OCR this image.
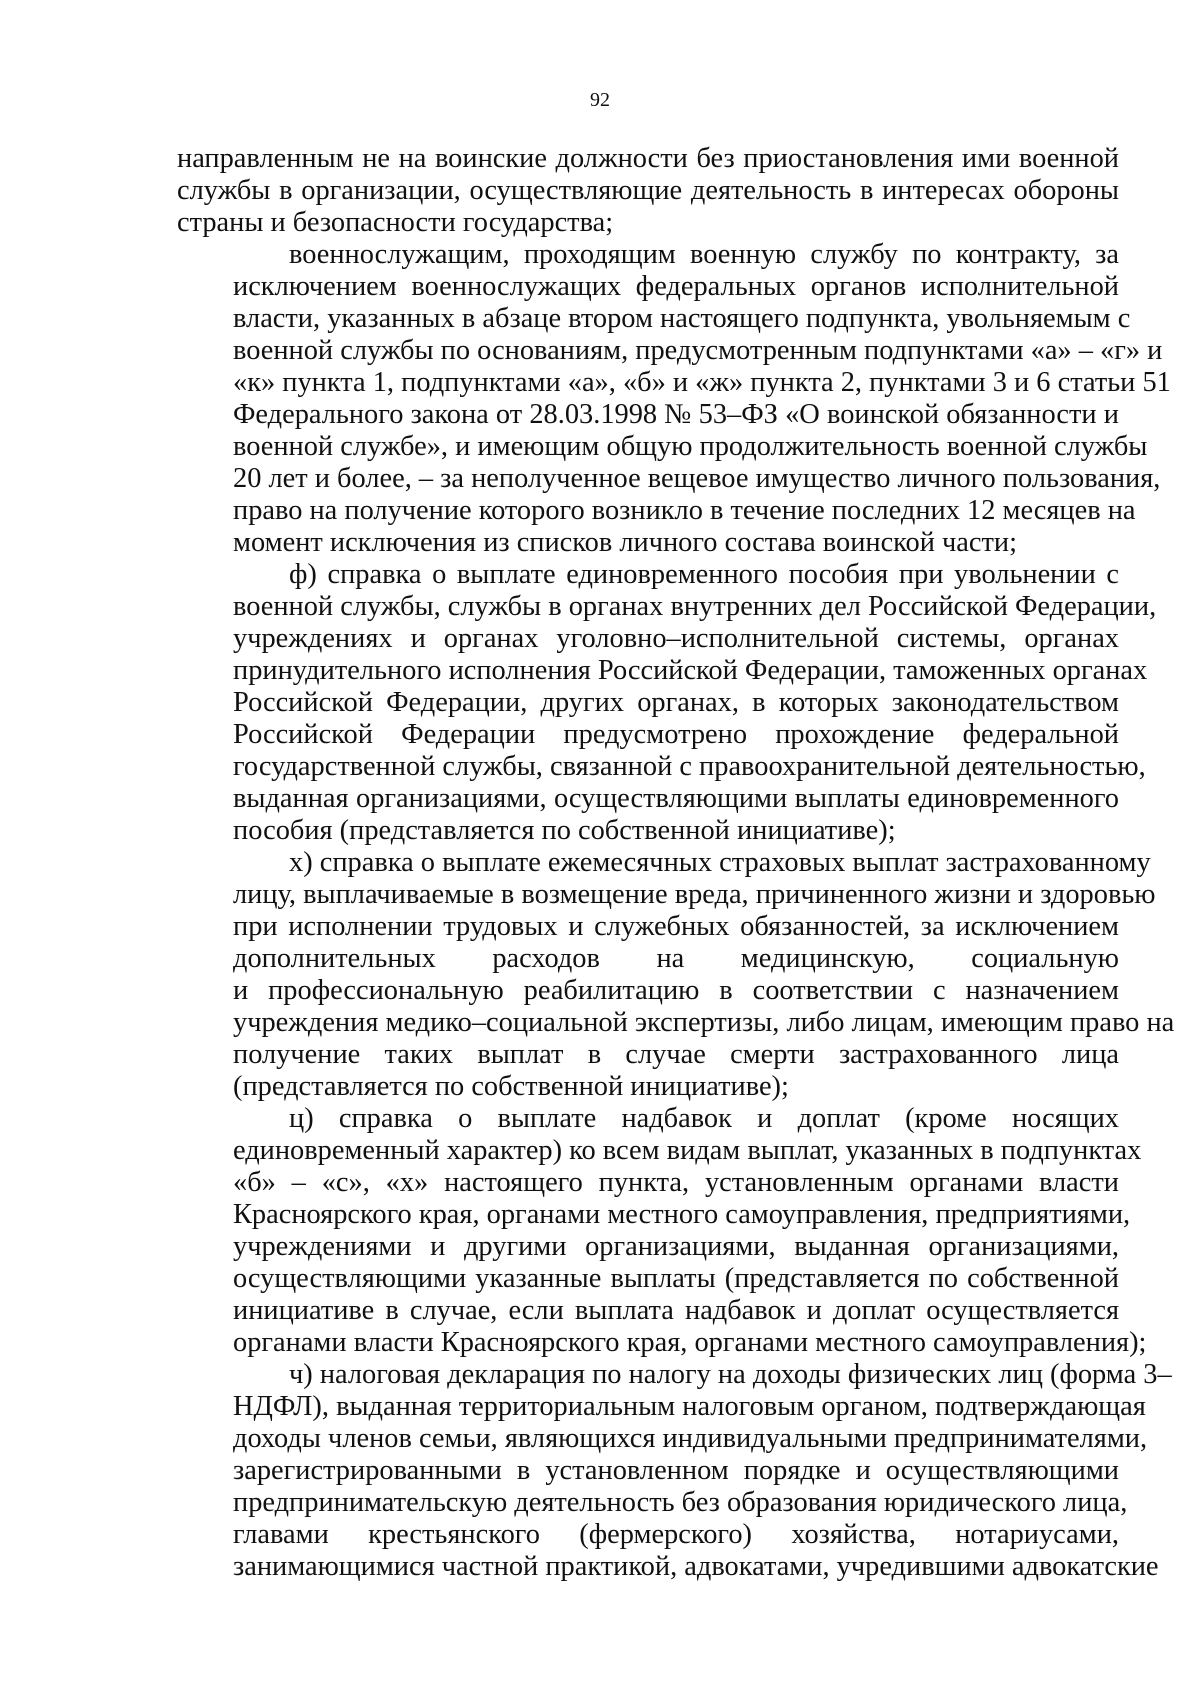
92

направленным не на воинские должности без приостановления ими военной
службы в организации, осуществляющие деятельность в интересах обороны
страны и безопасности государства;

военнослужащим, проходящим военную службу по контракту, за
исключением военнослужащих федеральных органов исполнительной
власти, указанных в абзаце втором настоящего подпункта, увольняемым с
военной службы по основаниям, предусмотренным подпунктами «а» – «г» и
«к» пункта 1, подпунктами «а», «б» и «ж» пункта 2, пунктами 3 и 6 статьи 51
Федерального закона от 28.03.1998 № 53–ФЗ «О воинской обязанности и
военной службе», и имеющим общую продолжительность военной службы
20 лет и более, – за неполученное вещевое имущество личного пользования,
право на получение которого возникло в течение последних 12 месяцев на
момент исключения из списков личного состава воинской части;

ф) справка о выплате единовременного пособия при увольнении с
военной службы, службы в органах внутренних дел Российской Федерации,
учреждениях и органах уголовно–исполнительной системы, органах
принудительного исполнения Российской Федерации, таможенных органах
Российской Федерации, других органах, в которых законодательством
Российской Федерации предусмотрено прохождение федеральной
государственной службы, связанной с правоохранительной деятельностью,
выданная организациями, осуществляющими выплаты единовременного
пособия (представляется по собственной инициативе);

х) справка о выплате ежемесячных страховых выплат застрахованному
лицу, выплачиваемые в возмещение вреда, причиненного жизни и здоровью
при исполнении трудовых и служебных обязанностей, за исключением
дополнительных расходов на медицинскую, социальную
и профессиональную реабилитацию в соответствии с назначением
учреждения медико–социальной экспертизы, либо лицам, имеющим право на
получение таких выплат в случае смерти застрахованного лица
(представляется по собственной инициативе);

ц) справка о выплате надбавок и доплат (кроме носящих
единовременный характер) ко всем видам выплат, указанных в подпунктах
«б» – «с», «х» настоящего пункта, установленным органами власти
Красноярского края, органами местного самоуправления, предприятиями,
учреждениями и другими организациями, выданная организациями,
осуществляющими указанные выплаты (представляется по собственной
инициативе в случае, если выплата надбавок и доплат осуществляется
органами власти Красноярского края, органами местного самоуправления);

ч) налоговая декларация по налогу на доходы физических лиц (форма 3–
НДФЛ), выданная территориальным налоговым органом, подтверждающая
доходы членов семьи, являющихся индивидуальными предпринимателями,
зарегистрированными в установленном порядке и осуществляющими
предпринимательскую деятельность без образования юридического лица,
главами крестьянского (фермерского) хозяйства, нотариусами,
занимающимися частной практикой, адвокатами, учредившими адвокатские
